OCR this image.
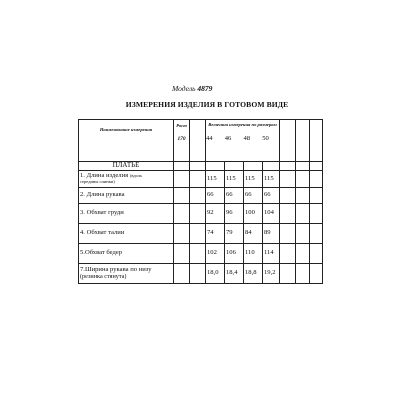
Модель 4879
ИЗМЕРЕНИЯ ИЗДЕЛИЯ В ГОТОВОМ ВИДЕ
Наименование измерения	Рост
170		Величина измерения по размерам
44 46 48 50						

ПЛАТЬЕ									
1. Длина изделия (вдоль
середины спинки)			115	115	115	115			
2. Длина рукава			66	66	66	66			
3. Обхват груди			92	96	100	104			
4. Обхват талии			74	79	84	89			
5.Обхват бедер			102	106	110	114			

7.Ширина рукава по низу
(резинка стянута)			18,0	18,4	18,8	19,2			
